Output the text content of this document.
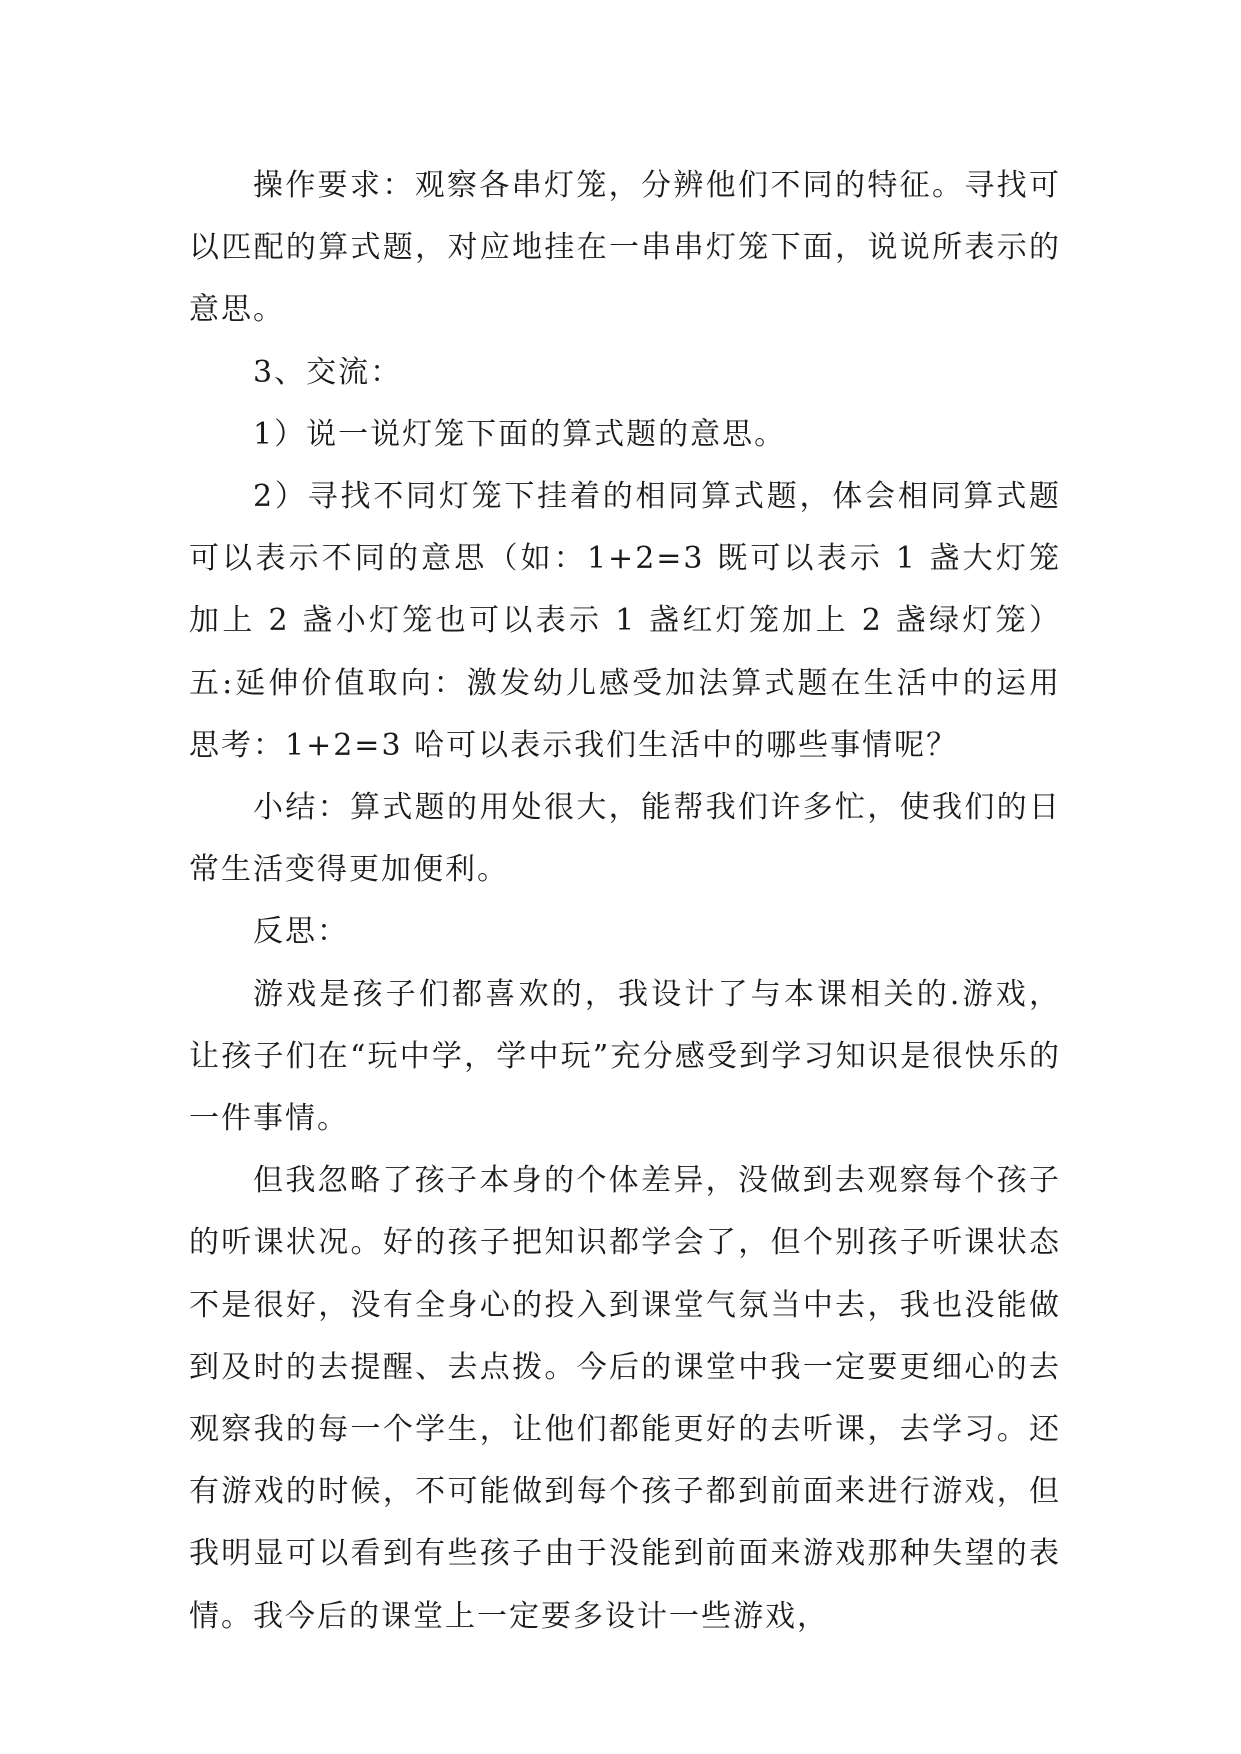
操作要求：观察各串灯笼，分辨他们不同的特征。寻找可以匹配的算式题，对应地挂在一串串灯笼下面，说说所表示的意思。

3、交流：

1）说一说灯笼下面的算式题的意思。

2）寻找不同灯笼下挂着的相同算式题，体会相同算式题可以表示不同的意思（如：1+2=3 既可以表示 1 盏大灯笼加上 2 盏小灯笼也可以表示 1 盏红灯笼加上 2 盏绿灯笼）五:延伸价值取向：激发幼儿感受加法算式题在生活中的运用思考：1+2=3 哈可以表示我们生活中的哪些事情呢？

小结：算式题的用处很大，能帮我们许多忙，使我们的日常生活变得更加便利。

反思：

游戏是孩子们都喜欢的，我设计了与本课相关的.游戏，让孩子们在“玩中学，学中玩”充分感受到学习知识是很快乐的一件事情。

但我忽略了孩子本身的个体差异，没做到去观察每个孩子的听课状况。好的孩子把知识都学会了，但个别孩子听课状态不是很好，没有全身心的投入到课堂气氛当中去，我也没能做到及时的去提醒、去点拨。今后的课堂中我一定要更细心的去观察我的每一个学生，让他们都能更好的去听课，去学习。还有游戏的时候，不可能做到每个孩子都到前面来进行游戏，但我明显可以看到有些孩子由于没能到前面来游戏那种失望的表情。我今后的课堂上一定要多设计一些游戏，
